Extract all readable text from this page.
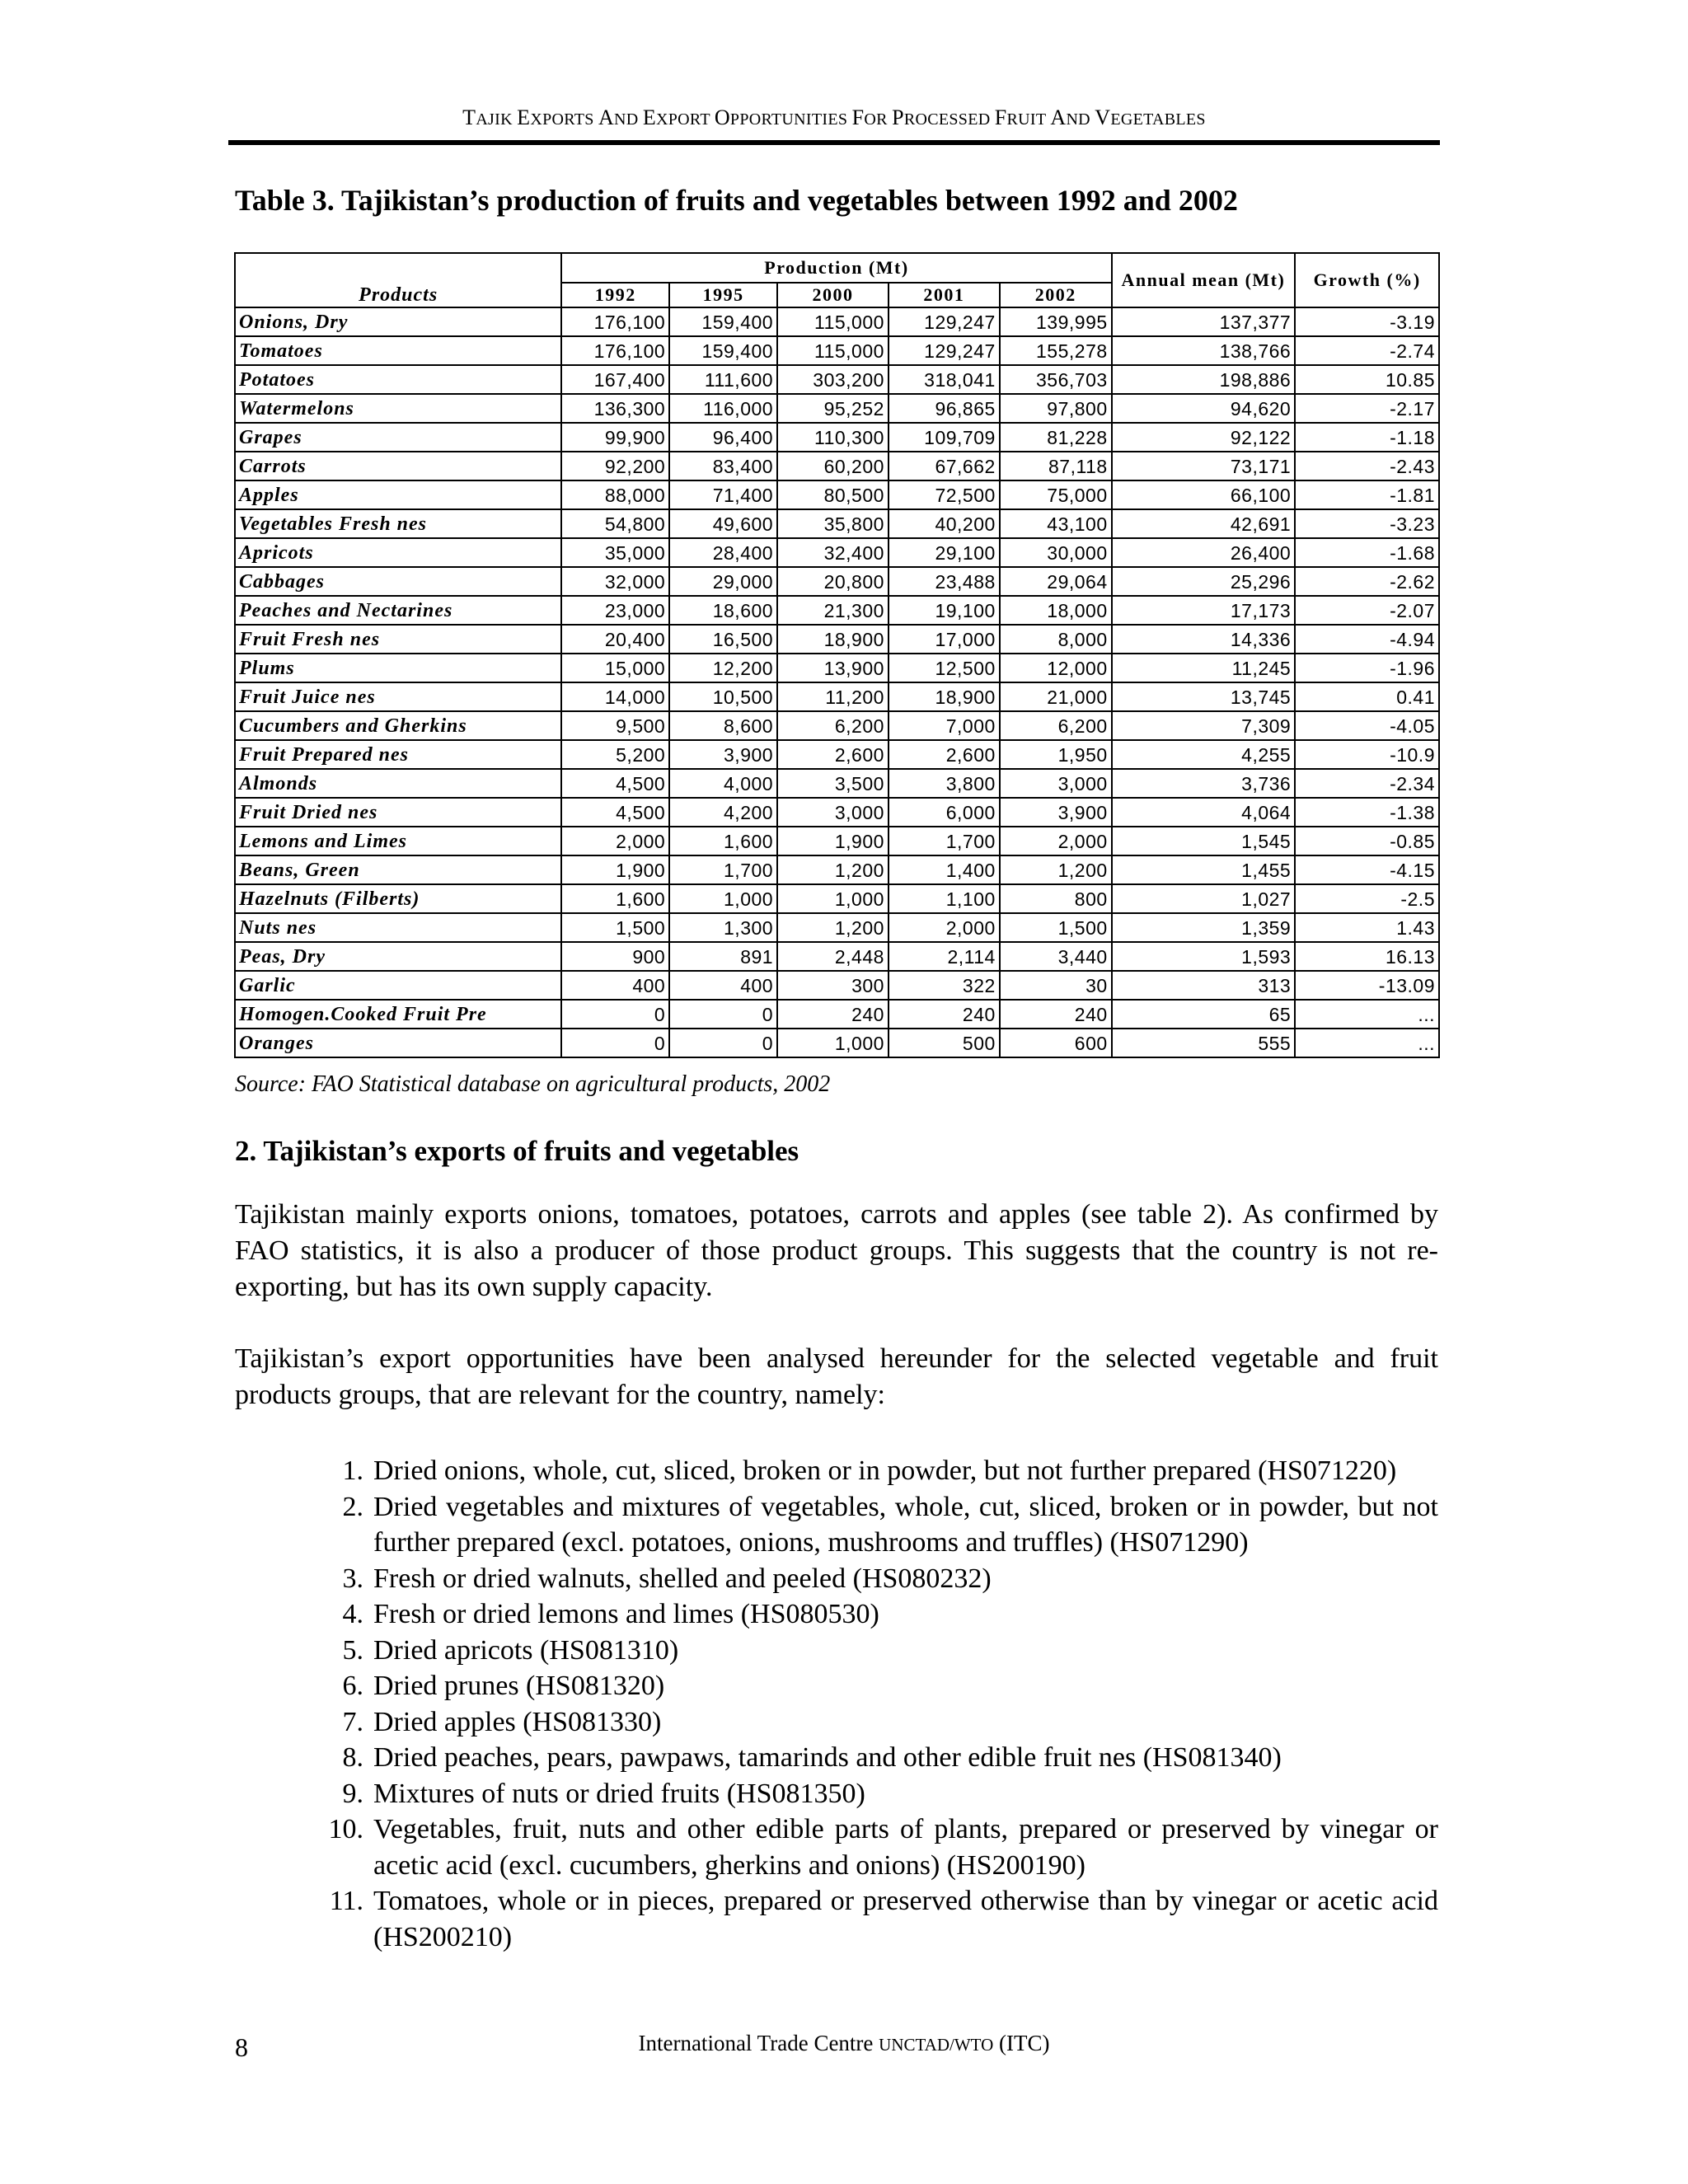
TAJIK EXPORTS AND EXPORT OPPORTUNITIES FOR PROCESSED FRUIT AND VEGETABLES
Table 3. Tajikistan’s production of fruits and vegetables between 1992 and 2002
Products	Production (Mt)					Annual mean (Mt)	Growth (%)
	1992	1995	2000	2001	2002		
Onions, Dry	176,100	159,400	115,000	129,247	139,995	137,377	-3.19
Tomatoes	176,100	159,400	115,000	129,247	155,278	138,766	-2.74
Potatoes	167,400	111,600	303,200	318,041	356,703	198,886	10.85
Watermelons	136,300	116,000	95,252	96,865	97,800	94,620	-2.17
Grapes	99,900	96,400	110,300	109,709	81,228	92,122	-1.18
Carrots	92,200	83,400	60,200	67,662	87,118	73,171	-2.43
Apples	88,000	71,400	80,500	72,500	75,000	66,100	-1.81
Vegetables Fresh nes	54,800	49,600	35,800	40,200	43,100	42,691	-3.23
Apricots	35,000	28,400	32,400	29,100	30,000	26,400	-1.68
Cabbages	32,000	29,000	20,800	23,488	29,064	25,296	-2.62
Peaches and Nectarines	23,000	18,600	21,300	19,100	18,000	17,173	-2.07
Fruit Fresh nes	20,400	16,500	18,900	17,000	8,000	14,336	-4.94
Plums	15,000	12,200	13,900	12,500	12,000	11,245	-1.96
Fruit Juice nes	14,000	10,500	11,200	18,900	21,000	13,745	0.41
Cucumbers and Gherkins	9,500	8,600	6,200	7,000	6,200	7,309	-4.05
Fruit Prepared nes	5,200	3,900	2,600	2,600	1,950	4,255	-10.9
Almonds	4,500	4,000	3,500	3,800	3,000	3,736	-2.34
Fruit Dried nes	4,500	4,200	3,000	6,000	3,900	4,064	-1.38
Lemons and Limes	2,000	1,600	1,900	1,700	2,000	1,545	-0.85
Beans, Green	1,900	1,700	1,200	1,400	1,200	1,455	-4.15
Hazelnuts (Filberts)	1,600	1,000	1,000	1,100	800	1,027	-2.5
Nuts nes	1,500	1,300	1,200	2,000	1,500	1,359	1.43
Peas, Dry	900	891	2,448	2,114	3,440	1,593	16.13
Garlic	400	400	300	322	30	313	-13.09
Homogen.Cooked Fruit Pre	0	0	240	240	240	65	...
Oranges	0	0	1,000	500	600	555	...
Source: FAO Statistical database on agricultural products, 2002
2. Tajikistan’s exports of fruits and vegetables

Tajikistan mainly exports onions, tomatoes, potatoes, carrots and apples (see table 2). As confirmed by FAO statistics, it is also a producer of those product groups. This suggests that the country is not re-exporting, but has its own supply capacity.

Tajikistan’s export opportunities have been analysed hereunder for the selected vegetable and fruit products groups, that are relevant for the country, namely:

1. Dried onions, whole, cut, sliced, broken or in powder, but not further prepared (HS071220)
2. Dried vegetables and mixtures of vegetables, whole, cut, sliced, broken or in powder, but not further prepared (excl. potatoes, onions, mushrooms and truffles) (HS071290)
3. Fresh or dried walnuts, shelled and peeled (HS080232)
4. Fresh or dried lemons and limes (HS080530)
5. Dried apricots (HS081310)
6. Dried prunes (HS081320)
7. Dried apples (HS081330)
8. Dried peaches, pears, pawpaws, tamarinds and other edible fruit nes (HS081340)
9. Mixtures of nuts or dried fruits (HS081350)
10. Vegetables, fruit, nuts and other edible parts of plants, prepared or preserved by vinegar or acetic acid (excl. cucumbers, gherkins and onions) (HS200190)
11. Tomatoes, whole or in pieces, prepared or preserved otherwise than by vinegar or acetic acid (HS200210)
8	International Trade Centre UNCTAD/WTO (ITC)
